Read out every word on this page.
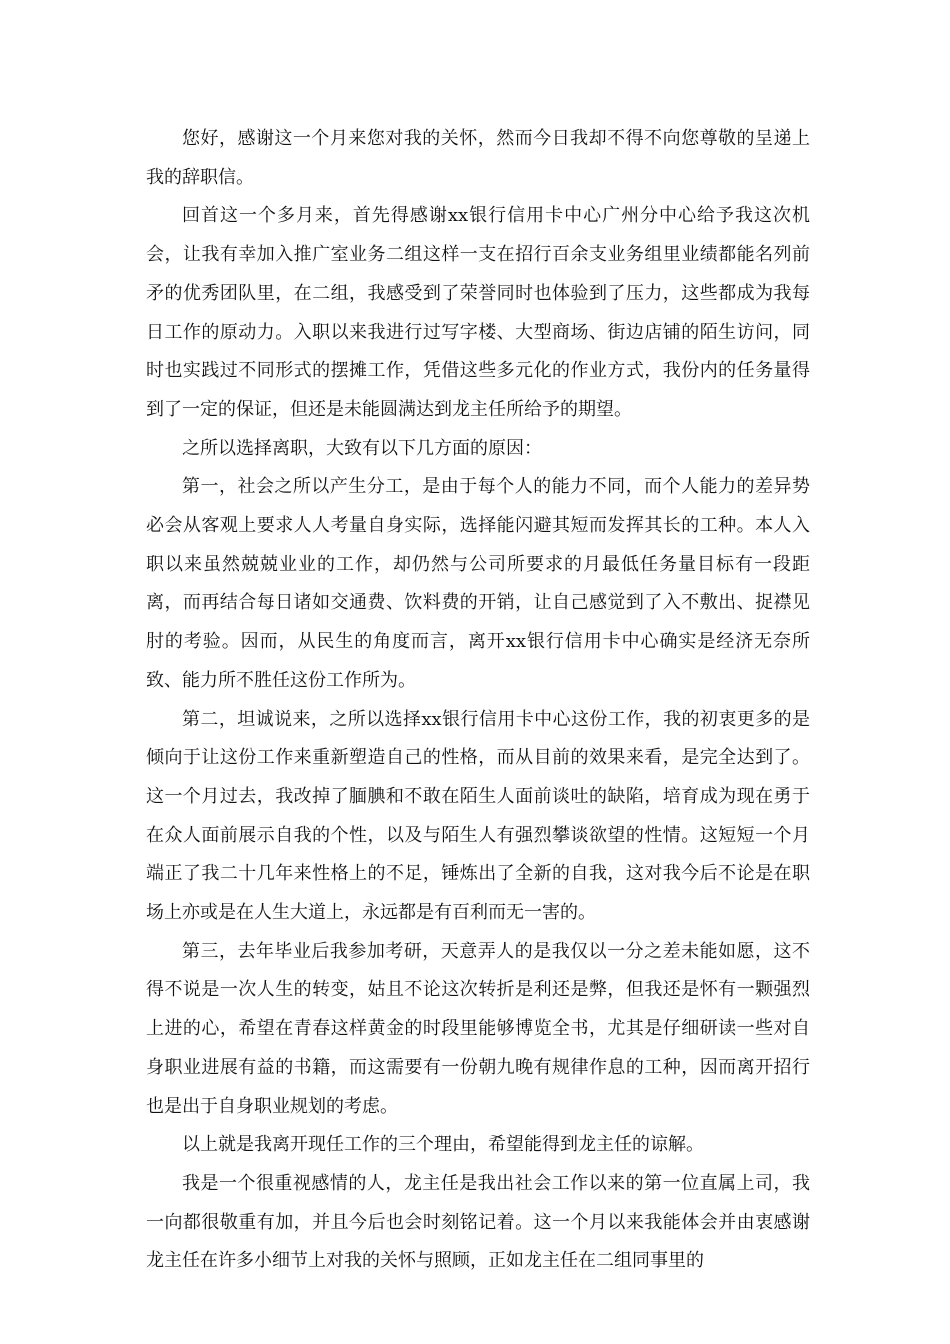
您好，感谢这一个月来您对我的关怀，然而今日我却不得不向您尊敬的呈递上我的辞职信。

回首这一个多月来，首先得感谢xx银行信用卡中心广州分中心给予我这次机会，让我有幸加入推广室业务二组这样一支在招行百余支业务组里业绩都能名列前矛的优秀团队里，在二组，我感受到了荣誉同时也体验到了压力，这些都成为我每日工作的原动力。入职以来我进行过写字楼、大型商场、街边店铺的陌生访问，同时也实践过不同形式的摆摊工作，凭借这些多元化的作业方式，我份内的任务量得到了一定的保证，但还是未能圆满达到龙主任所给予的期望。

之所以选择离职，大致有以下几方面的原因：

第一，社会之所以产生分工，是由于每个人的能力不同，而个人能力的差异势必会从客观上要求人人考量自身实际，选择能闪避其短而发挥其长的工种。本人入职以来虽然兢兢业业的工作，却仍然与公司所要求的月最低任务量目标有一段距离，而再结合每日诸如交通费、饮料费的开销，让自己感觉到了入不敷出、捉襟见肘的考验。因而，从民生的角度而言，离开xx银行信用卡中心确实是经济无奈所致、能力所不胜任这份工作所为。

第二，坦诚说来，之所以选择xx银行信用卡中心这份工作，我的初衷更多的是倾向于让这份工作来重新塑造自己的性格，而从目前的效果来看，是完全达到了。这一个月过去，我改掉了腼腆和不敢在陌生人面前谈吐的缺陷，培育成为现在勇于在众人面前展示自我的个性，以及与陌生人有强烈攀谈欲望的性情。这短短一个月端正了我二十几年来性格上的不足，锤炼出了全新的自我，这对我今后不论是在职场上亦或是在人生大道上，永远都是有百利而无一害的。

第三，去年毕业后我参加考研，天意弄人的是我仅以一分之差未能如愿，这不得不说是一次人生的转变，姑且不论这次转折是利还是弊，但我还是怀有一颗强烈上进的心，希望在青春这样黄金的时段里能够博览全书，尤其是仔细研读一些对自身职业进展有益的书籍，而这需要有一份朝九晚有规律作息的工种，因而离开招行也是出于自身职业规划的考虑。

以上就是我离开现任工作的三个理由，希望能得到龙主任的谅解。

我是一个很重视感情的人，龙主任是我出社会工作以来的第一位直属上司，我一向都很敬重有加，并且今后也会时刻铭记着。这一个月以来我能体会并由衷感谢龙主任在许多小细节上对我的关怀与照顾，正如龙主任在二组同事里的
